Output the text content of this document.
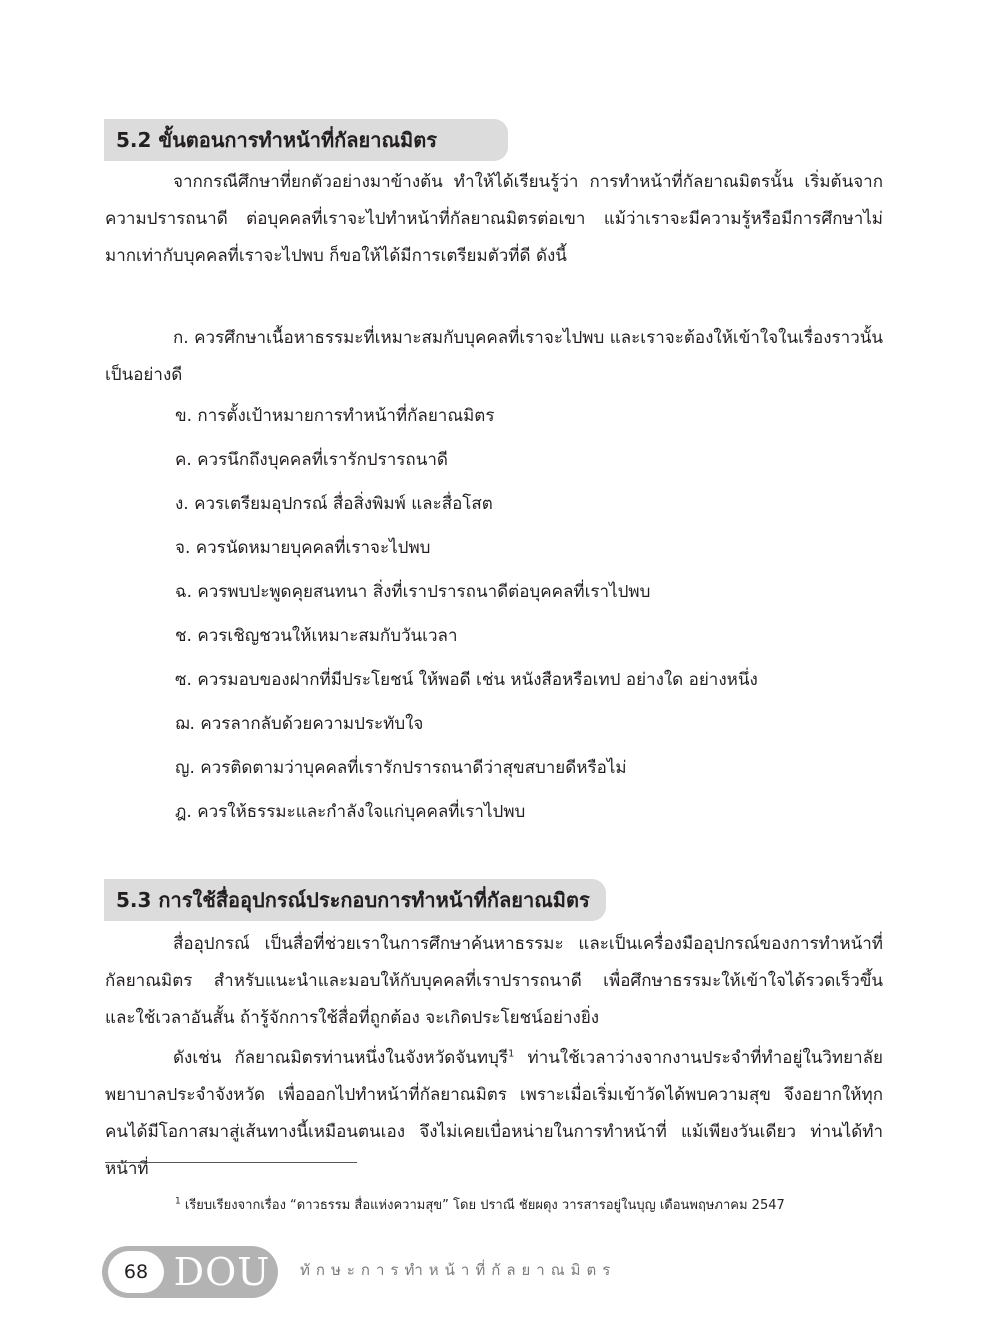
5.2 ขั้นตอนการทำหน้าที่กัลยาณมิตร

จากกรณีศึกษาที่ยกตัวอย่างมาข้างต้น ทำให้ได้เรียนรู้ว่า การทำหน้าที่กัลยาณมิตรนั้น เริ่มต้นจากความปรารถนาดี ต่อบุคคลที่เราจะไปทำหน้าที่กัลยาณมิตรต่อเขา แม้ว่าเราจะมีความรู้หรือมีการศึกษาไม่มากเท่ากับบุคคลที่เราจะไปพบ ก็ขอให้ได้มีการเตรียมตัวที่ดี ดังนี้

ก. ควรศึกษาเนื้อหาธรรมะที่เหมาะสมกับบุคคลที่เราจะไปพบ และเราจะต้องให้เข้าใจในเรื่องราวนั้นเป็นอย่างดี

ข. การตั้งเป้าหมายการทำหน้าที่กัลยาณมิตร
ค. ควรนึกถึงบุคคลที่เรารักปรารถนาดี
ง. ควรเตรียมอุปกรณ์ สื่อสิ่งพิมพ์ และสื่อโสต
จ. ควรนัดหมายบุคคลที่เราจะไปพบ
ฉ. ควรพบปะพูดคุยสนทนา สิ่งที่เราปรารถนาดีต่อบุคคลที่เราไปพบ
ช. ควรเชิญชวนให้เหมาะสมกับวันเวลา
ซ. ควรมอบของฝากที่มีประโยชน์ ให้พอดี เช่น หนังสือหรือเทป อย่างใด อย่างหนึ่ง
ฌ. ควรลากลับด้วยความประทับใจ
ญ. ควรติดตามว่าบุคคลที่เรารักปรารถนาดีว่าสุขสบายดีหรือไม่
ฎ. ควรให้ธรรมะและกำลังใจแก่บุคคลที่เราไปพบ
5.3 การใช้สื่ออุปกรณ์ประกอบการทำหน้าที่กัลยาณมิตร

สื่ออุปกรณ์ เป็นสื่อที่ช่วยเราในการศึกษาค้นหาธรรมะ และเป็นเครื่องมืออุปกรณ์ของการทำหน้าที่กัลยาณมิตร สำหรับแนะนำและมอบให้กับบุคคลที่เราปรารถนาดี เพื่อศึกษาธรรมะให้เข้าใจได้รวดเร็วขึ้น และใช้เวลาอันสั้น ถ้ารู้จักการใช้สื่อที่ถูกต้อง จะเกิดประโยชน์อย่างยิ่ง

ดังเช่น กัลยาณมิตรท่านหนึ่งในจังหวัดจันทบุรี$^1$ ท่านใช้เวลาว่างจากงานประจำที่ทำอยู่ในวิทยาลัยพยาบาลประจำจังหวัด เพื่อออกไปทำหน้าที่กัลยาณมิตร เพราะเมื่อเริ่มเข้าวัดได้พบความสุข จึงอยากให้ทุกคนได้มีโอกาสมาสู่เส้นทางนี้เหมือนตนเอง จึงไม่เคยเบื่อหน่ายในการทำหน้าที่ แม้เพียงวันเดียว ท่านได้ทำหน้าที่

$^1$ เรียบเรียงจากเรื่อง “ดาวธรรม สื่อแห่งความสุข” โดย ปราณี ชัยผดุง วารสารอยู่ในบุญ เดือนพฤษภาคม 2547
68 DOU ทักษะการทำหน้าที่กัลยาณมิตร
